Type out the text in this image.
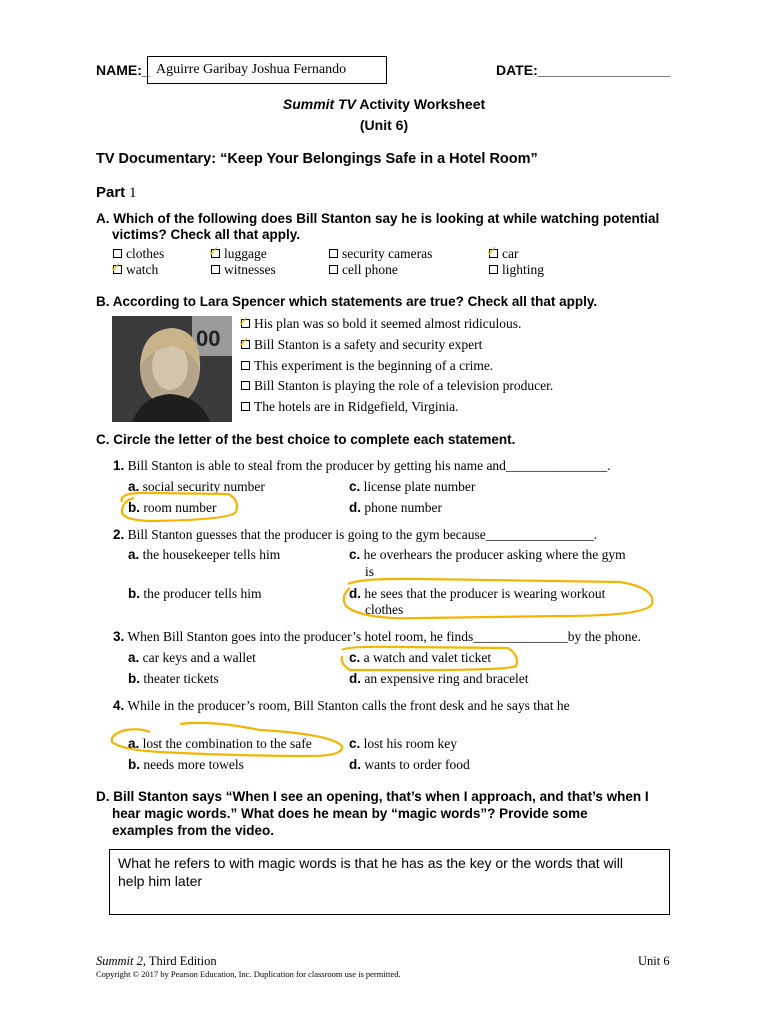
NAME:_ Aguirre Garibay Joshua Fernando	DATE:_________________
Summit TV Activity Worksheet
(Unit 6)
TV Documentary: “Keep Your Belongings Safe in a Hotel Room”
Part 1
A. Which of the following does Bill Stanton say he is looking at while watching potential
victims? Check all that apply.
clothes	✓ luggage	security cameras	✓ car
✓ watch	witnesses	cell phone	lighting
B. According to Lara Spencer which statements are true? Check all that apply.
00
✓ His plan was so bold it seemed almost ridiculous.
✓ Bill Stanton is a safety and security expert
This experiment is the beginning of a crime.
Bill Stanton is playing the role of a television producer.
The hotels are in Ridgefield, Virginia.
C. Circle the letter of the best choice to complete each statement.
1. Bill Stanton is able to steal from the producer by getting his name and_______________.
a. social security number
b. room number
c. license plate number
d. phone number
2. Bill Stanton guesses that the producer is going to the gym because________________.
a. the housekeeper tells him
b. the producer tells him
c. he overhears the producer asking where the gym
is
d. he sees that the producer is wearing workout
clothes
3. When Bill Stanton goes into the producer’s hotel room, he finds______________by the phone.
a. car keys and a wallet
b. theater tickets
c. a watch and valet ticket
d. an expensive ring and bracelet
4. While in the producer’s room, Bill Stanton calls the front desk and he says that he
a. lost the combination to the safe
b. needs more towels
c. lost his room key
d. wants to order food
D. Bill Stanton says “When I see an opening, that’s when I approach, and that’s when I
hear magic words.” What does he mean by “magic words”? Provide some
examples from the video.
What he refers to with magic words is that he has as the key or the words that will
help him later
Summit 2, Third Edition	Unit 6
Copyright © 2017 by Pearson Education, Inc. Duplication for classroom use is permitted.
